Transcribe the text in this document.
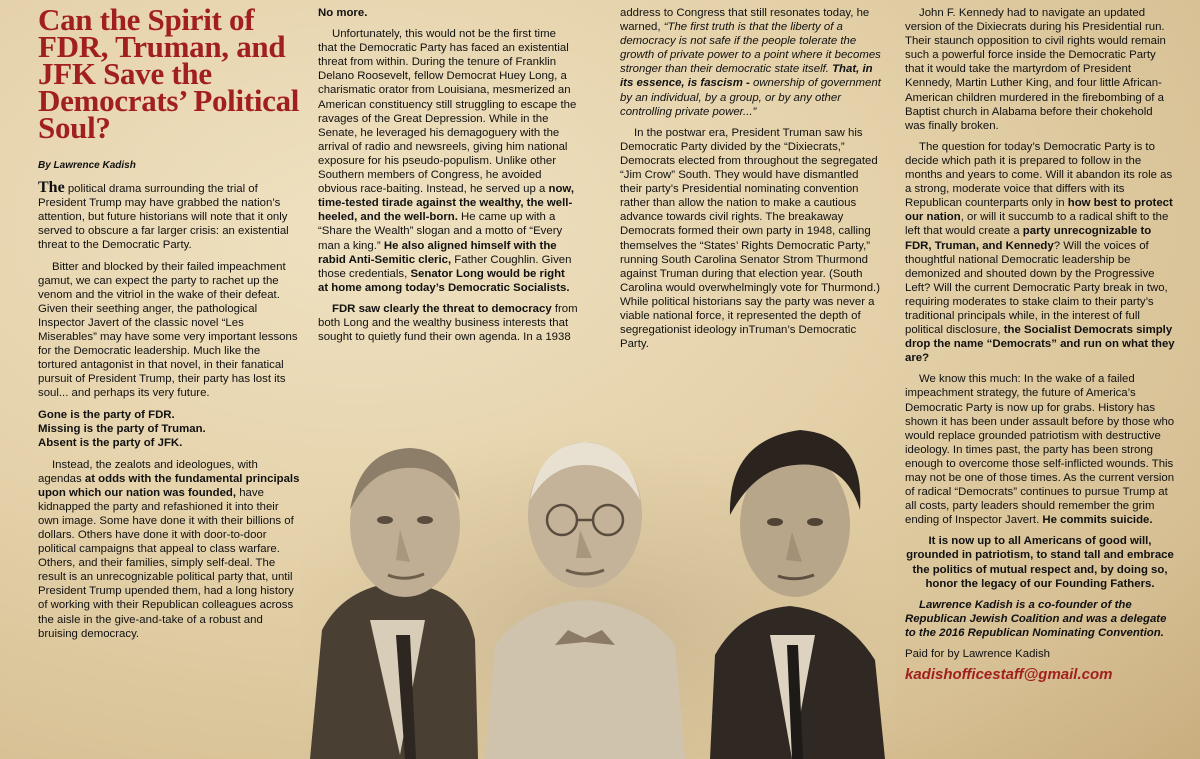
Can the Spirit of FDR, Truman, and JFK Save the Democrats’ Political Soul?
By Lawrence Kadish

The political drama surrounding the trial of President Trump may have grabbed the nation’s attention, but future historians will note that it only served to obscure a far larger crisis: an existential threat to the Democratic Party.

Bitter and blocked by their failed impeachment gamut, we can expect the party to rachet up the venom and the vitriol in the wake of their defeat. Given their seething anger, the pathological Inspector Javert of the classic novel “Les Miserables” may have some very important lessons for the Democratic leadership. Much like the tortured antagonist in that novel, in their fanatical pursuit of President Trump, their party has lost its soul... and perhaps its very future.

Gone is the party of FDR.
Missing is the party of Truman.
Absent is the party of JFK.

Instead, the zealots and ideologues, with agendas at odds with the fundamental principals upon which our nation was founded, have kidnapped the party and refashioned it into their own image. Some have done it with their billions of dollars. Others have done it with door-to-door political campaigns that appeal to class warfare. Others, and their families, simply self-deal. The result is an unrecognizable political party that, until President Trump upended them, had a long history of working with their Republican colleagues across the aisle in the give-and-take of a robust and bruising democracy.

No more.

Unfortunately, this would not be the first time that the Democratic Party has faced an existential threat from within. During the tenure of Franklin Delano Roosevelt, fellow Democrat Huey Long, a charismatic orator from Louisiana, mesmerized an American constituency still struggling to escape the ravages of the Great Depression. While in the Senate, he leveraged his demagoguery with the arrival of radio and newsreels, giving him national exposure for his pseudo-populism. Unlike other Southern members of Congress, he avoided obvious race-baiting. Instead, he served up a now, time-tested tirade against the wealthy, the well-heeled, and the well-born. He came up with a “Share the Wealth” slogan and a motto of “Every man a king.” He also aligned himself with the rabid Anti-Semitic cleric, Father Coughlin. Given those credentials, Senator Long would be right at home among today’s Democratic Socialists.

FDR saw clearly the threat to democracy from both Long and the wealthy business interests that sought to quietly fund their own agenda. In a 1938

address to Congress that still resonates today, he warned, “The first truth is that the liberty of a democracy is not safe if the people tolerate the growth of private power to a point where it becomes stronger than their democratic state itself. That, in its essence, is fascism - ownership of government by an individual, by a group, or by any other controlling private power...”

In the postwar era, President Truman saw his Democratic Party divided by the “Dixiecrats,” Democrats elected from throughout the segregated “Jim Crow” South. They would have dismantled their party’s Presidential nominating convention rather than allow the nation to make a cautious advance towards civil rights. The breakaway Democrats formed their own party in 1948, calling themselves the “States’ Rights Democratic Party,” running South Carolina Senator Strom Thurmond against Truman during that election year. (South Carolina would overwhelmingly vote for Thurmond.) While political historians say the party was never a viable national force, it represented the depth of segregationist ideology inTruman’s Democratic Party.

John F. Kennedy had to navigate an updated version of the Dixiecrats during his Presidential run. Their staunch opposition to civil rights would remain such a powerful force inside the Democratic Party that it would take the martyrdom of President Kennedy, Martin Luther King, and four little African-American children murdered in the firebombing of a Baptist church in Alabama before their chokehold was finally broken.

The question for today’s Democratic Party is to decide which path it is prepared to follow in the months and years to come. Will it abandon its role as a strong, moderate voice that differs with its Republican counterparts only in how best to protect our nation, or will it succumb to a radical shift to the left that would create a party unrecognizable to FDR, Truman, and Kennedy? Will the voices of thoughtful national Democratic leadership be demonized and shouted down by the Progressive Left? Will the current Democratic Party break in two, requiring moderates to stake claim to their party’s traditional principals while, in the interest of full political disclosure, the Socialist Democrats simply drop the name “Democrats” and run on what they are?

We know this much: In the wake of a failed impeachment strategy, the future of America’s Democratic Party is now up for grabs. History has shown it has been under assault before by those who would replace grounded patriotism with destructive ideology. In times past, the party has been strong enough to overcome those self-inflicted wounds. This may not be one of those times. As the current version of radical “Democrats” continues to pursue Trump at all costs, party leaders should remember the grim ending of Inspector Javert. He commits suicide.

It is now up to all Americans of good will, grounded in patriotism, to stand tall and embrace the politics of mutual respect and, by doing so, honor the legacy of our Founding Fathers.

Lawrence Kadish is a co-founder of the Republican Jewish Coalition and was a delegate to the 2016 Republican Nominating Convention.

Paid for by Lawrence Kadish

kadishofficestaff@gmail.com
